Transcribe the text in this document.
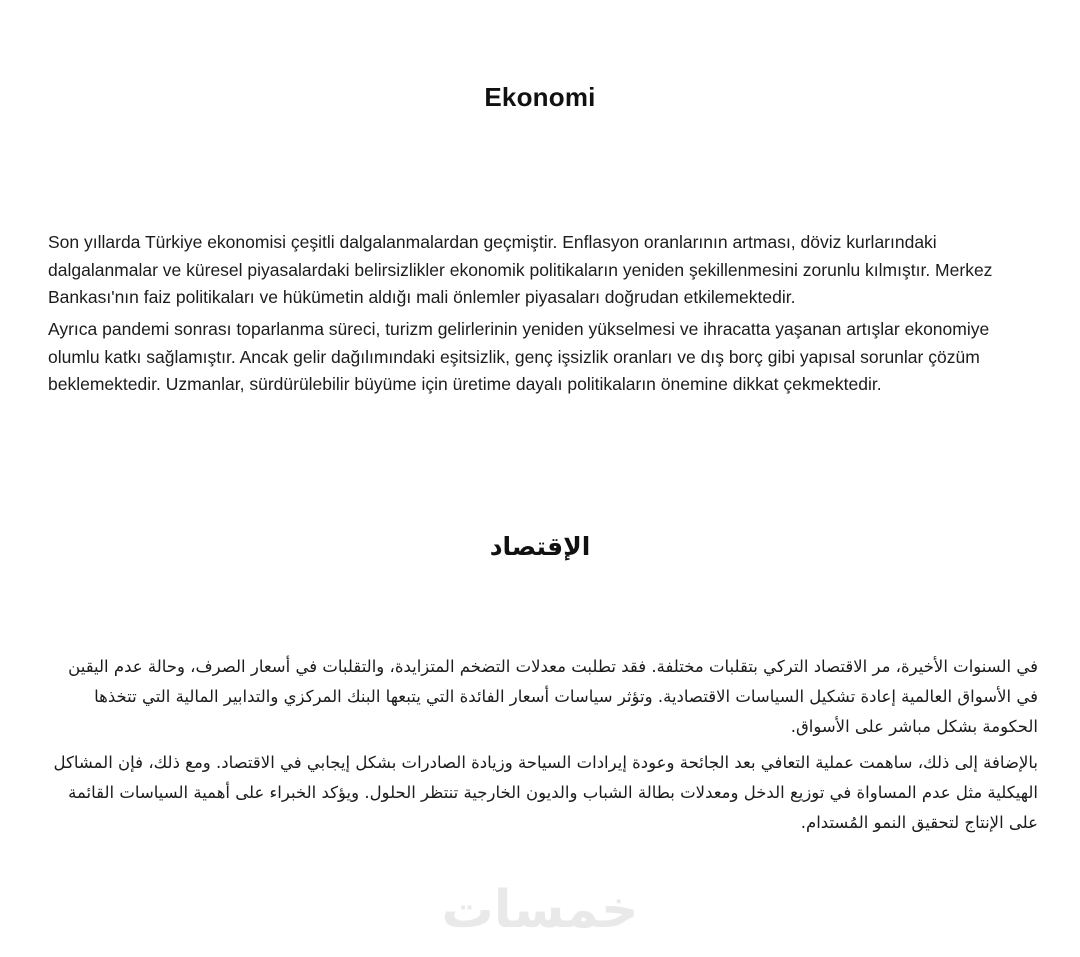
Ekonomi

Son yıllarda Türkiye ekonomisi çeşitli dalgalanmalardan geçmiştir. Enflasyon oranlarının artması, döviz kurlarındaki dalgalanmalar ve küresel piyasalardaki belirsizlikler ekonomik politikaların yeniden şekillenmesini zorunlu kılmıştır. Merkez Bankası'nın faiz politikaları ve hükümetin aldığı mali önlemler piyasaları doğrudan etkilemektedir.

Ayrıca pandemi sonrası toparlanma süreci, turizm gelirlerinin yeniden yükselmesi ve ihracatta yaşanan artışlar ekonomiye olumlu katkı sağlamıştır. Ancak gelir dağılımındaki eşitsizlik, genç işsizlik oranları ve dış borç gibi yapısal sorunlar çözüm beklemektedir. Uzmanlar, sürdürülebilir büyüme için üretime dayalı politikaların önemine dikkat çekmektedir.

الإقتصاد

في السنوات الأخيرة، مر الاقتصاد التركي بتقلبات مختلفة. فقد تطلبت معدلات التضخم المتزايدة، والتقلبات في أسعار الصرف، وحالة عدم اليقين في الأسواق العالمية إعادة تشكيل السياسات الاقتصادية. وتؤثر سياسات أسعار الفائدة التي يتبعها البنك المركزي والتدابير المالية التي تتخذها الحكومة بشكل مباشر على الأسواق.

بالإضافة إلى ذلك، ساهمت عملية التعافي بعد الجائحة وعودة إيرادات السياحة وزيادة الصادرات بشكل إيجابي في الاقتصاد. ومع ذلك، فإن المشاكل الهيكلية مثل عدم المساواة في توزيع الدخل ومعدلات بطالة الشباب والديون الخارجية تنتظر الحلول. ويؤكد الخبراء على أهمية السياسات القائمة على الإنتاج لتحقيق النمو المُستدام.

خمسات
